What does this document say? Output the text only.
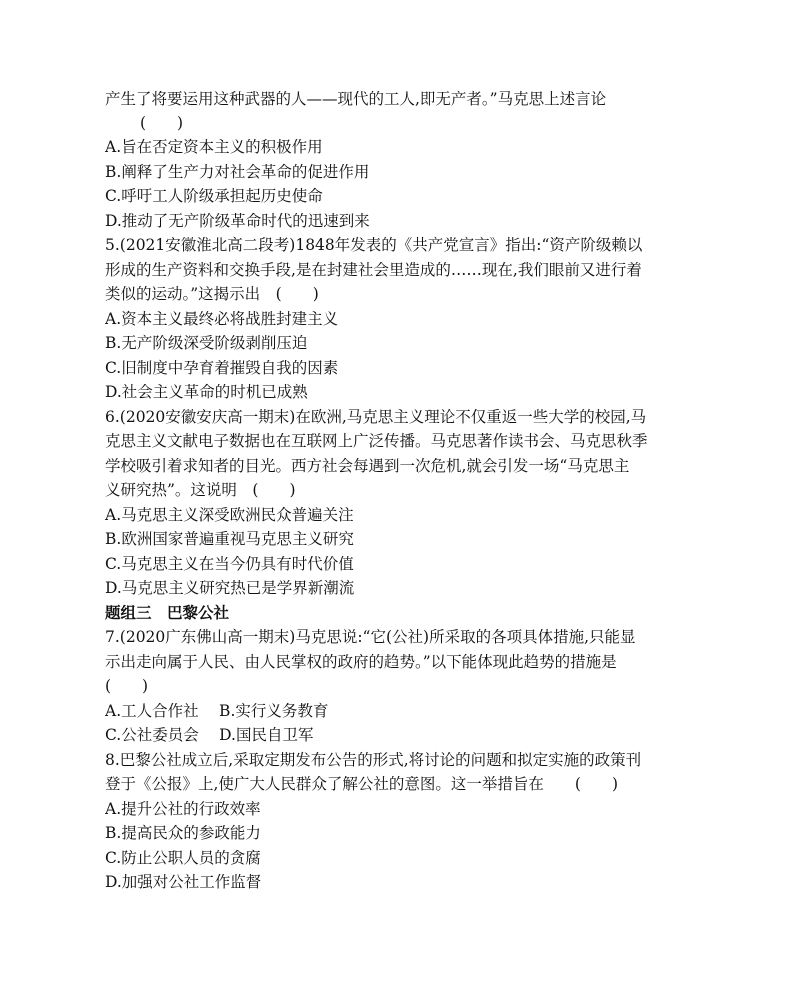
产生了将要运用这种武器的人——现代的工人,即无产者。”马克思上述言论
(　　)
A.旨在否定资本主义的积极作用
B.阐释了生产力对社会革命的促进作用
C.呼吁工人阶级承担起历史使命
D.推动了无产阶级革命时代的迅速到来
5.(2021安徽淮北高二段考)1848年发表的《共产党宣言》指出:“资产阶级赖以
形成的生产资料和交换手段,是在封建社会里造成的……现在,我们眼前又进行着
类似的运动。”这揭示出　(　　)
A.资本主义最终必将战胜封建主义
B.无产阶级深受阶级剥削压迫
C.旧制度中孕育着摧毁自我的因素
D.社会主义革命的时机已成熟
6.(2020安徽安庆高一期末)在欧洲,马克思主义理论不仅重返一些大学的校园,马
克思主义文献电子数据也在互联网上广泛传播。马克思著作读书会、马克思秋季
学校吸引着求知者的目光。西方社会每遇到一次危机,就会引发一场“马克思主
义研究热”。这说明　(　　)
A.马克思主义深受欧洲民众普遍关注
B.欧洲国家普遍重视马克思主义研究
C.马克思主义在当今仍具有时代价值
D.马克思主义研究热已是学界新潮流
题组三　巴黎公社
7.(2020广东佛山高一期末)马克思说:“它(公社)所采取的各项具体措施,只能显
示出走向属于人民、由人民掌权的政府的趋势。”以下能体现此趋势的措施是
(　　)
A.工人合作社　 B.实行义务教育
C.公社委员会　 D.国民自卫军
8.巴黎公社成立后,采取定期发布公告的形式,将讨论的问题和拟定实施的政策刊
登于《公报》上,使广大人民群众了解公社的意图。这一举措旨在　　(　　)
A.提升公社的行政效率
B.提高民众的参政能力
C.防止公职人员的贪腐
D.加强对公社工作监督
